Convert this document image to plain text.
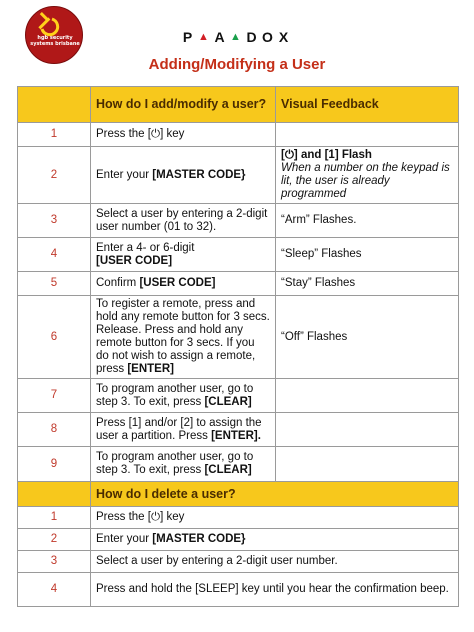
hgb security
systems brisbane	P ▲ A ▲ D O X
Adding/Modifying a User
	How do I add/modify a user?	Visual Feedback
1	Press the [⏻] key	
2	Enter your [MASTER CODE}	[⏻] and [1] Flash
When a number on the keypad is lit, the user is already programmed
3	Select a user by entering a 2-digit user number (01 to 32).	“Arm” Flashes.
4	Enter a 4- or 6-digit
[USER CODE]	“Sleep” Flashes
5	Confirm [USER CODE]	“Stay” Flashes
6	To register a remote, press and hold any remote button for 3 secs. Release. Press and hold any remote button for 3 secs. If you do not wish to assign a remote, press [ENTER]	“Off” Flashes
7	To program another user, go to step 3. To exit, press [CLEAR]	
8	Press [1] and/or [2] to assign the user a partition. Press [ENTER].	
9	To program another user, go to step 3. To exit, press [CLEAR]	
	How do I delete a user?	
1	Press the [⏻] key	
2	Enter your [MASTER CODE}	
3	Select a user by entering a 2-digit user number.	
4	Press and hold the [SLEEP] key until you hear the confirmation beep.	
